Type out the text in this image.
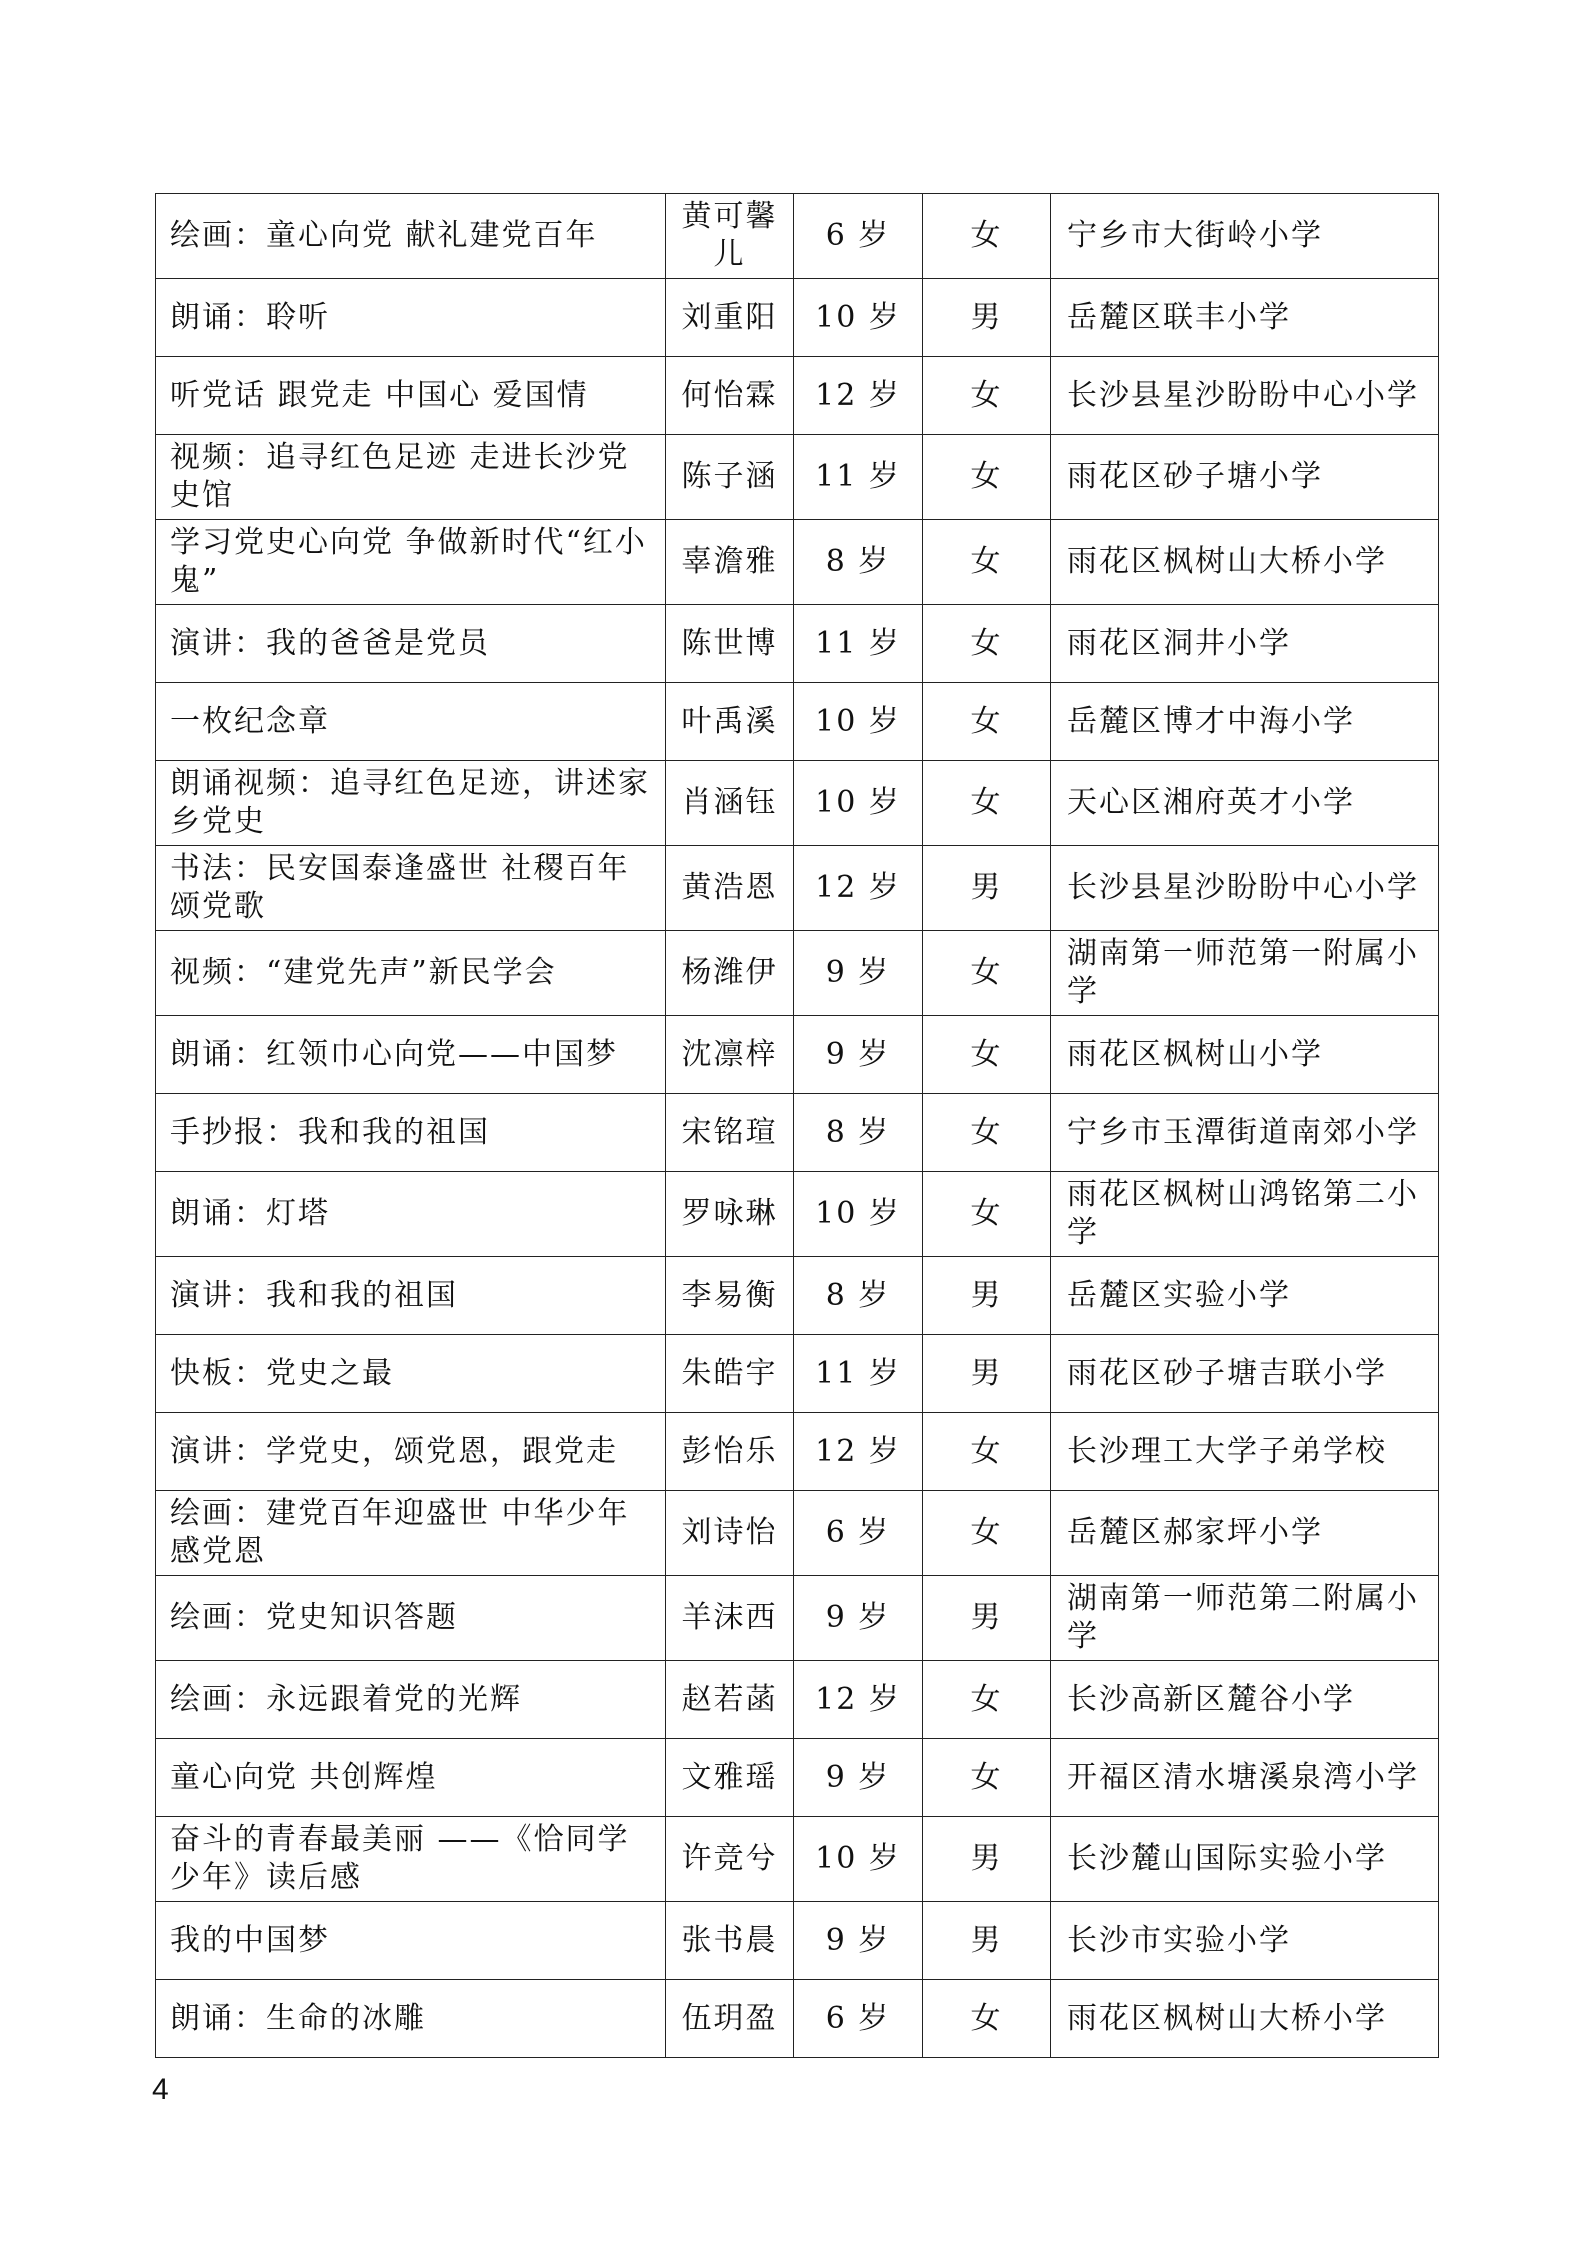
绘画：童心向党 献礼建党百年	黄可馨儿	6 岁	女	宁乡市大街岭小学
朗诵：聆听	刘重阳	10 岁	男	岳麓区联丰小学
听党话 跟党走 中国心 爱国情	何怡霖	12 岁	女	长沙县星沙盼盼中心小学
视频：追寻红色足迹 走进长沙党史馆	陈子涵	11 岁	女	雨花区砂子塘小学
学习党史心向党 争做新时代“红小鬼”	辜澹雅	8 岁	女	雨花区枫树山大桥小学
演讲：我的爸爸是党员	陈世博	11 岁	女	雨花区洞井小学
一枚纪念章	叶禹溪	10 岁	女	岳麓区博才中海小学
朗诵视频：追寻红色足迹，讲述家乡党史	肖涵钰	10 岁	女	天心区湘府英才小学
书法：民安国泰逢盛世 社稷百年颂党歌	黄浩恩	12 岁	男	长沙县星沙盼盼中心小学
视频：“建党先声”新民学会	杨潍伊	9 岁	女	湖南第一师范第一附属小学
朗诵：红领巾心向党——中国梦	沈凛梓	9 岁	女	雨花区枫树山小学
手抄报：我和我的祖国	宋铭瑄	8 岁	女	宁乡市玉潭街道南郊小学
朗诵：灯塔	罗咏琳	10 岁	女	雨花区枫树山鸿铭第二小学
演讲：我和我的祖国	李易衡	8 岁	男	岳麓区实验小学
快板：党史之最	朱皓宇	11 岁	男	雨花区砂子塘吉联小学
演讲：学党史，颂党恩，跟党走	彭怡乐	12 岁	女	长沙理工大学子弟学校
绘画：建党百年迎盛世 中华少年感党恩	刘诗怡	6 岁	女	岳麓区郝家坪小学
绘画：党史知识答题	羊沫西	9 岁	男	湖南第一师范第二附属小学
绘画：永远跟着党的光辉	赵若菡	12 岁	女	长沙高新区麓谷小学
童心向党 共创辉煌	文雅瑶	9 岁	女	开福区清水塘溪泉湾小学
奋斗的青春最美丽 ——《恰同学少年》读后感	许竞兮	10 岁	男	长沙麓山国际实验小学
我的中国梦	张书晨	9 岁	男	长沙市实验小学
朗诵：生命的冰雕	伍玥盈	6 岁	女	雨花区枫树山大桥小学
4
